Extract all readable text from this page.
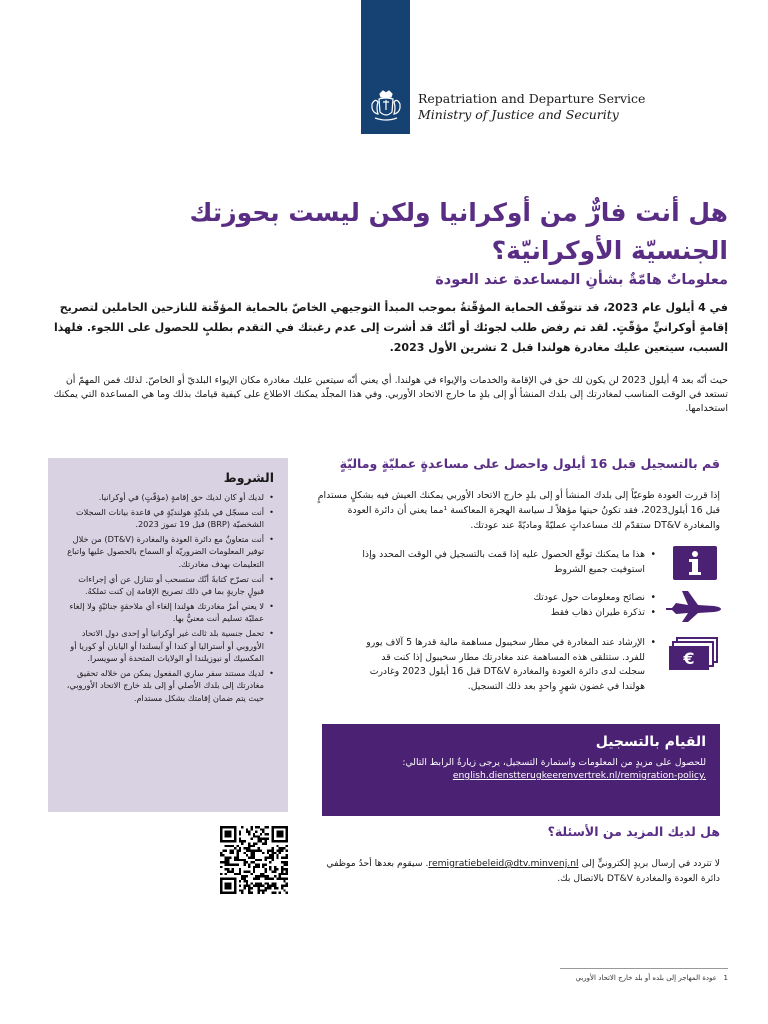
Repatriation and Departure Service
Ministry of Justice and Security
هل أنت فارٌّ من أوكرانيا ولكن ليست بحوزتك الجنسيّة الأوكرانيّة؟
معلوماتٌ هامّةٌ بشأنِ المساعدة عند العودة

في 4 أيلول عام 2023، قد تتوقّف الحماية المؤقّتةُ بموجب المبدأ التوجيهي الخاصّ بالحماية المؤقّتة للنازحين الحاملين لتصريح إقامةٍ أوكرانيٍّ مؤقّتٍ. لقد تم رفض طلب لجوئك أو أنّك قد أشرت إلى عدم رغبتك في التقدم بطلبٍ للحصول على اللجوء. فلهذا السبب، سيتعين عليك مغادرة هولندا قبل 2 تشرين الأول 2023.

حيث أنّه بعد 4 أيلول 2023 لن يكون لك حق في الإقامة والخدمات والإيواء في هولندا. أي يعني أنّه سيتعين عليك مغادرة مكان الإيواء البلديّ أو الخاصّ. لذلك فمن المهمّ أن تستعد في الوقت المناسب لمغادرتك إلى بلدك المنشأ أو إلى بلدٍ ما خارج الاتحاد الأوربي. وفي هذا المجلّد يمكنك الاطلاع على كيفية قيامك بذلك وما هي المساعدة التي يمكنك استخدامها.

الشروط
• لديك أو كان لديك حق إقامةٍ (مؤقّتٍ) في أوكرانيا.
• أنت مسجّل في بلديّةٍ هولنديّةٍ في قاعدة بيانات السجلات الشخصيّة (BRP) قبل 19 تموز 2023.
• أنت متعاونٌ مع دائرة العودة والمغادرة (DT&V) من خلال توفير المعلومات الضروريّة أو السماح بالحصول عليها واتباع التعليمات بهدف مغادرتك.
• أنت تصرّح كتابةً أنّك ستسحب أو تتنازل عن أي إجراءات قبولٍ جاريةٍ بما في ذلك تصريح الإقامة إن كنت تملكهُ.
• لا يعني أمرُ مغادرتك هولندا إلغاء أي ملاحقةٍ جنائيّةٍ ولا إلغاء عمليّة تسليم أنت معنيٌّ بها.
• تحمل جنسية بلد ثالث غير أوكرانيا أو إحدى دول الاتحاد الأوروبي أو أستراليا أو كندا أو آيسلندا أو اليابان أو كوريا أو المكسيك أو نيوزيلندا أو الولايات المتحدة أو سويسرا.
• لديك مستند سفر ساري المفعول يمكن من خلاله تحقيق مغادرتك إلى بلدك الأصلي أو إلى بلد خارج الاتحاد الأوروبي، حيث يتم ضمان إقامتك بشكل مستدام.
قم بالتسجيل قبل 16 أيلول واحصل على مساعدةٍ عمليّةٍ وماليّةٍ

إذا قررت العودة طوعيّاً إلى بلدك المنشأ أو إلى بلدٍ خارج الاتحاد الأوربي يمكنك العيش فيه بشكلٍ مستدامٍ قبل 16 أيلول2023، فقد تكونُ حينها مؤهلاً لـ سياسة الهجرة المعاكسة ¹مما يعني أن دائرة العودة والمغادرة DT&V ستقدّم لك مساعداتٍ عمليّةً وماديّةً عند عودتك.

• هذا ما يمكنك توقّع الحصول عليه إذا قمت بالتسجيل في الوقت المحدد وإذا استوفيت جميع الشروط
• نصائح ومعلومات حول عودتك
• تذكرة طيران ذهاب فقط
€
• الإرشاد عند المغادرة في مطار سخيبول مساهمة مالية قدرها 5 آلاف يورو للفرد. ستتلقى هذه المساهمة عند مغادرتك مطار سخيبول إذا كنت قد سجلت لدى دائرة العودة والمغادرة DT&V قبل 16 أيلول 2023 وغادرت هولندا في غضون شهرٍ واحدٍ بعد ذلك التسجيل.
القيام بالتسجيل
للحصول على مزيدٍ من المعلومات واستمارة التسجيل، يرجى زيارةُ الرابط التالي:
english.dienstterugkeerenvertrek.nl/remigration-policy.
هل لديك المزيد من الأسئلة؟

لا تتردد في إرسال بريدٍ إلكترونيٍّ إلى remigratiebeleid@dtv.minvenj.nl. سيقوم بعدها أحدُ موظفي دائرة العودة والمغادرة DT&V بالاتصال بك.

1   عودة المهاجر إلى بلده أو بلد خارج الاتحاد الأوربي
